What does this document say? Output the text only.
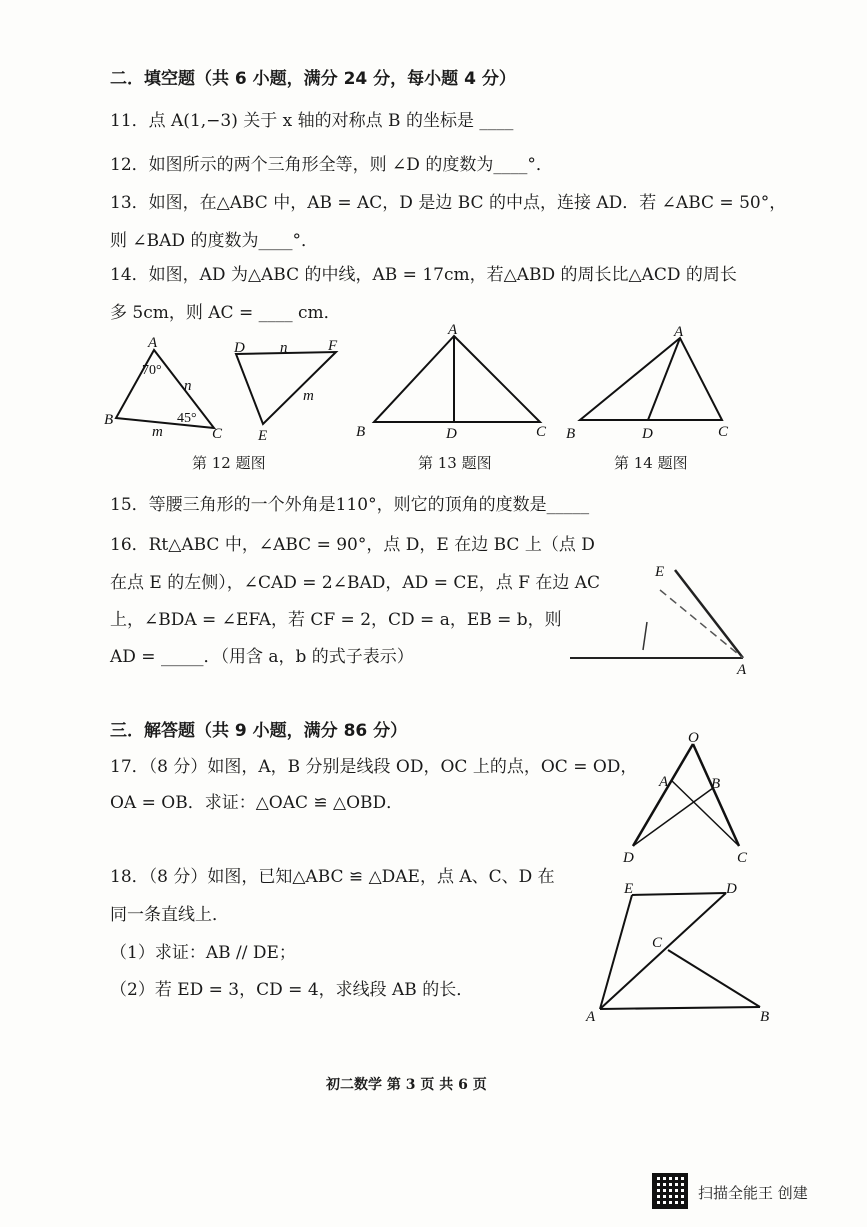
二．填空题（共 6 小题，满分 24 分，每小题 4 分）
11．点 A(1,−3) 关于 x 轴的对称点 B 的坐标是 ____
12．如图所示的两个三角形全等，则 ∠D 的度数为____°．
13．如图，在△ABC 中，AB = AC，D 是边 BC 的中点，连接 AD．若 ∠ABC = 50°，
则 ∠BAD 的度数为____°．
14．如图，AD 为△ABC 的中线，AB = 17cm，若△ABD 的周长比△ACD 的周长
多 5cm，则 AC = ____ cm．
A
B
C
70°
45°
n
m
D	F
n
m
E
A
B	D	C
A
B	D	C
第 12 题图	第 13 题图	第 14 题图
15．等腰三角形的一个外角是110°，则它的顶角的度数是_____
16．Rt△ABC 中，∠ABC = 90°，点 D，E 在边 BC 上（点 D
在点 E 的左侧），∠CAD = 2∠BAD，AD = CE，点 F 在边 AC
上，∠BDA = ∠EFA，若 CF = 2，CD = a，EB = b，则
AD = _____．（用含 a，b 的式子表示）
E
A
三．解答题（共 9 小题，满分 86 分）
17．（8 分）如图，A，B 分别是线段 OD，OC 上的点，OC = OD，
OA = OB．求证：△OAC ≌ △OBD．
O
A	B
D	C
18．（8 分）如图，已知△ABC ≌ △DAE，点 A、C、D 在
同一条直线上．
（1）求证：AB // DE；
（2）若 ED = 3，CD = 4，求线段 AB 的长．
E	D
C
A	B
初二数学 第 3 页 共 6 页
扫描全能王 创建
